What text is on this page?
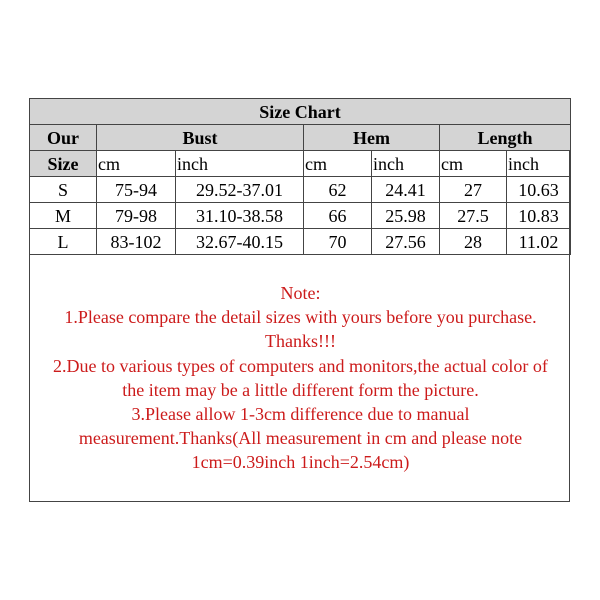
Size Chart						
Our	Bust		Hem		Length	
Size	cm	inch	cm	inch	cm	inch
S	75-94	29.52-37.01	62	24.41	27	10.63
M	79-98	31.10-38.58	66	25.98	27.5	10.83
L	83-102	32.67-40.15	70	27.56	28	11.02
Note:
1.Please compare the detail sizes with yours before you purchase.
Thanks!!!
2.Due to various types of computers and monitors,the actual color of
the item may be a little different form the picture.
3.Please allow 1-3cm difference due to manual
measurement.Thanks(All measurement in cm and please note
1cm=0.39inch 1inch=2.54cm)
